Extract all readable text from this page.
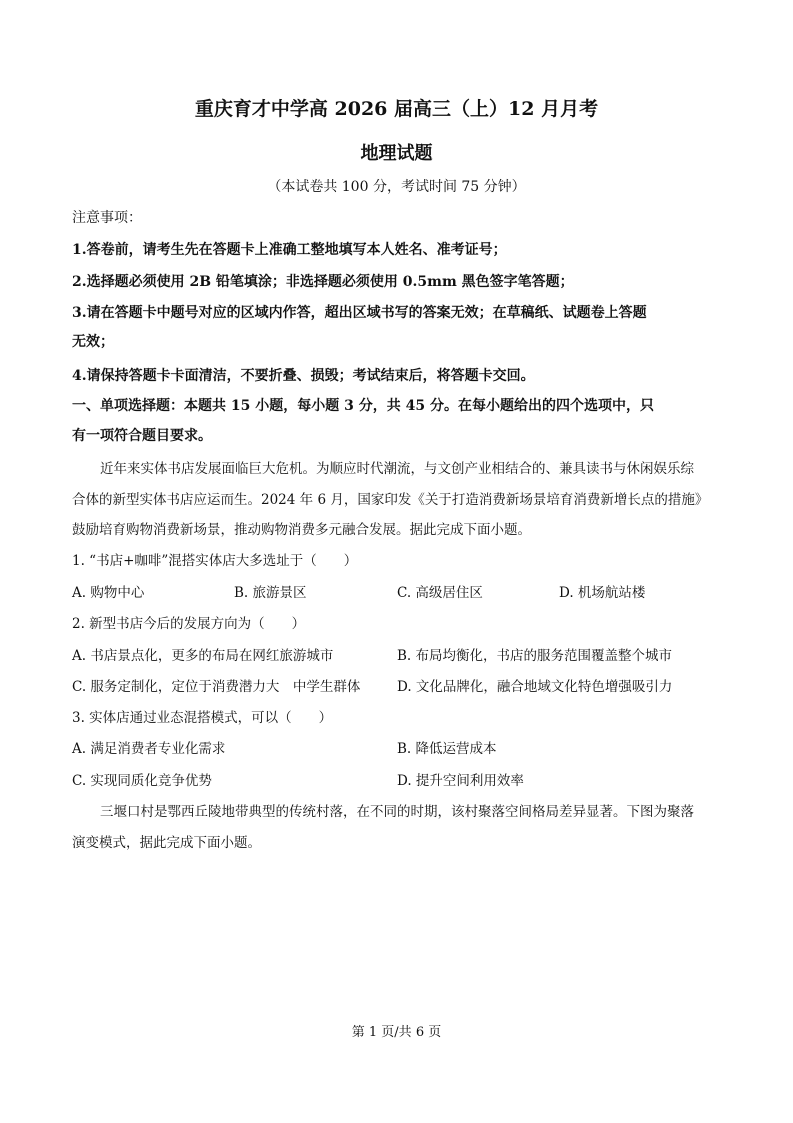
重庆育才中学高 2026 届高三（上）12 月月考
地理试题
（本试卷共 100 分，考试时间 75 分钟）
注意事项：
1.答卷前，请考生先在答题卡上准确工整地填写本人姓名、准考证号；
2.选择题必须使用 2B 铅笔填涂；非选择题必须使用 0.5mm 黑色签字笔答题；
3.请在答题卡中题号对应的区域内作答，超出区域书写的答案无效；在草稿纸、试题卷上答题
无效；
4.请保持答题卡卡面清洁，不要折叠、损毁；考试结束后，将答题卡交回。
一、单项选择题：本题共 15 小题，每小题 3 分，共 45 分。在每小题给出的四个选项中，只
有一项符合题目要求。
近年来实体书店发展面临巨大危机。为顺应时代潮流，与文创产业相结合的、兼具读书与休闲娱乐综
合体的新型实体书店应运而生。2024 年 6 月，国家印发《关于打造消费新场景培育消费新增长点的措施》
鼓励培育购物消费新场景，推动购物消费多元融合发展。据此完成下面小题。
1. “书店+咖啡”混搭实体店大多选址于（　　）
A. 购物中心	B. 旅游景区	C. 高级居住区	D. 机场航站楼
2. 新型书店今后的发展方向为（　　）
A. 书店景点化，更多的布局在网红旅游城市	B. 布局均衡化，书店的服务范围覆盖整个城市
C. 服务定制化，定位于消费潜力大　中学生群体	D. 文化品牌化，融合地域文化特色增强吸引力
3. 实体店通过业态混搭模式，可以（　　）
A. 满足消费者专业化需求	B. 降低运营成本
C. 实现同质化竞争优势	D. 提升空间利用效率
三堰口村是鄂西丘陵地带典型的传统村落，在不同的时期，该村聚落空间格局差异显著。下图为聚落
演变模式，据此完成下面小题。
第 1 页/共 6 页
